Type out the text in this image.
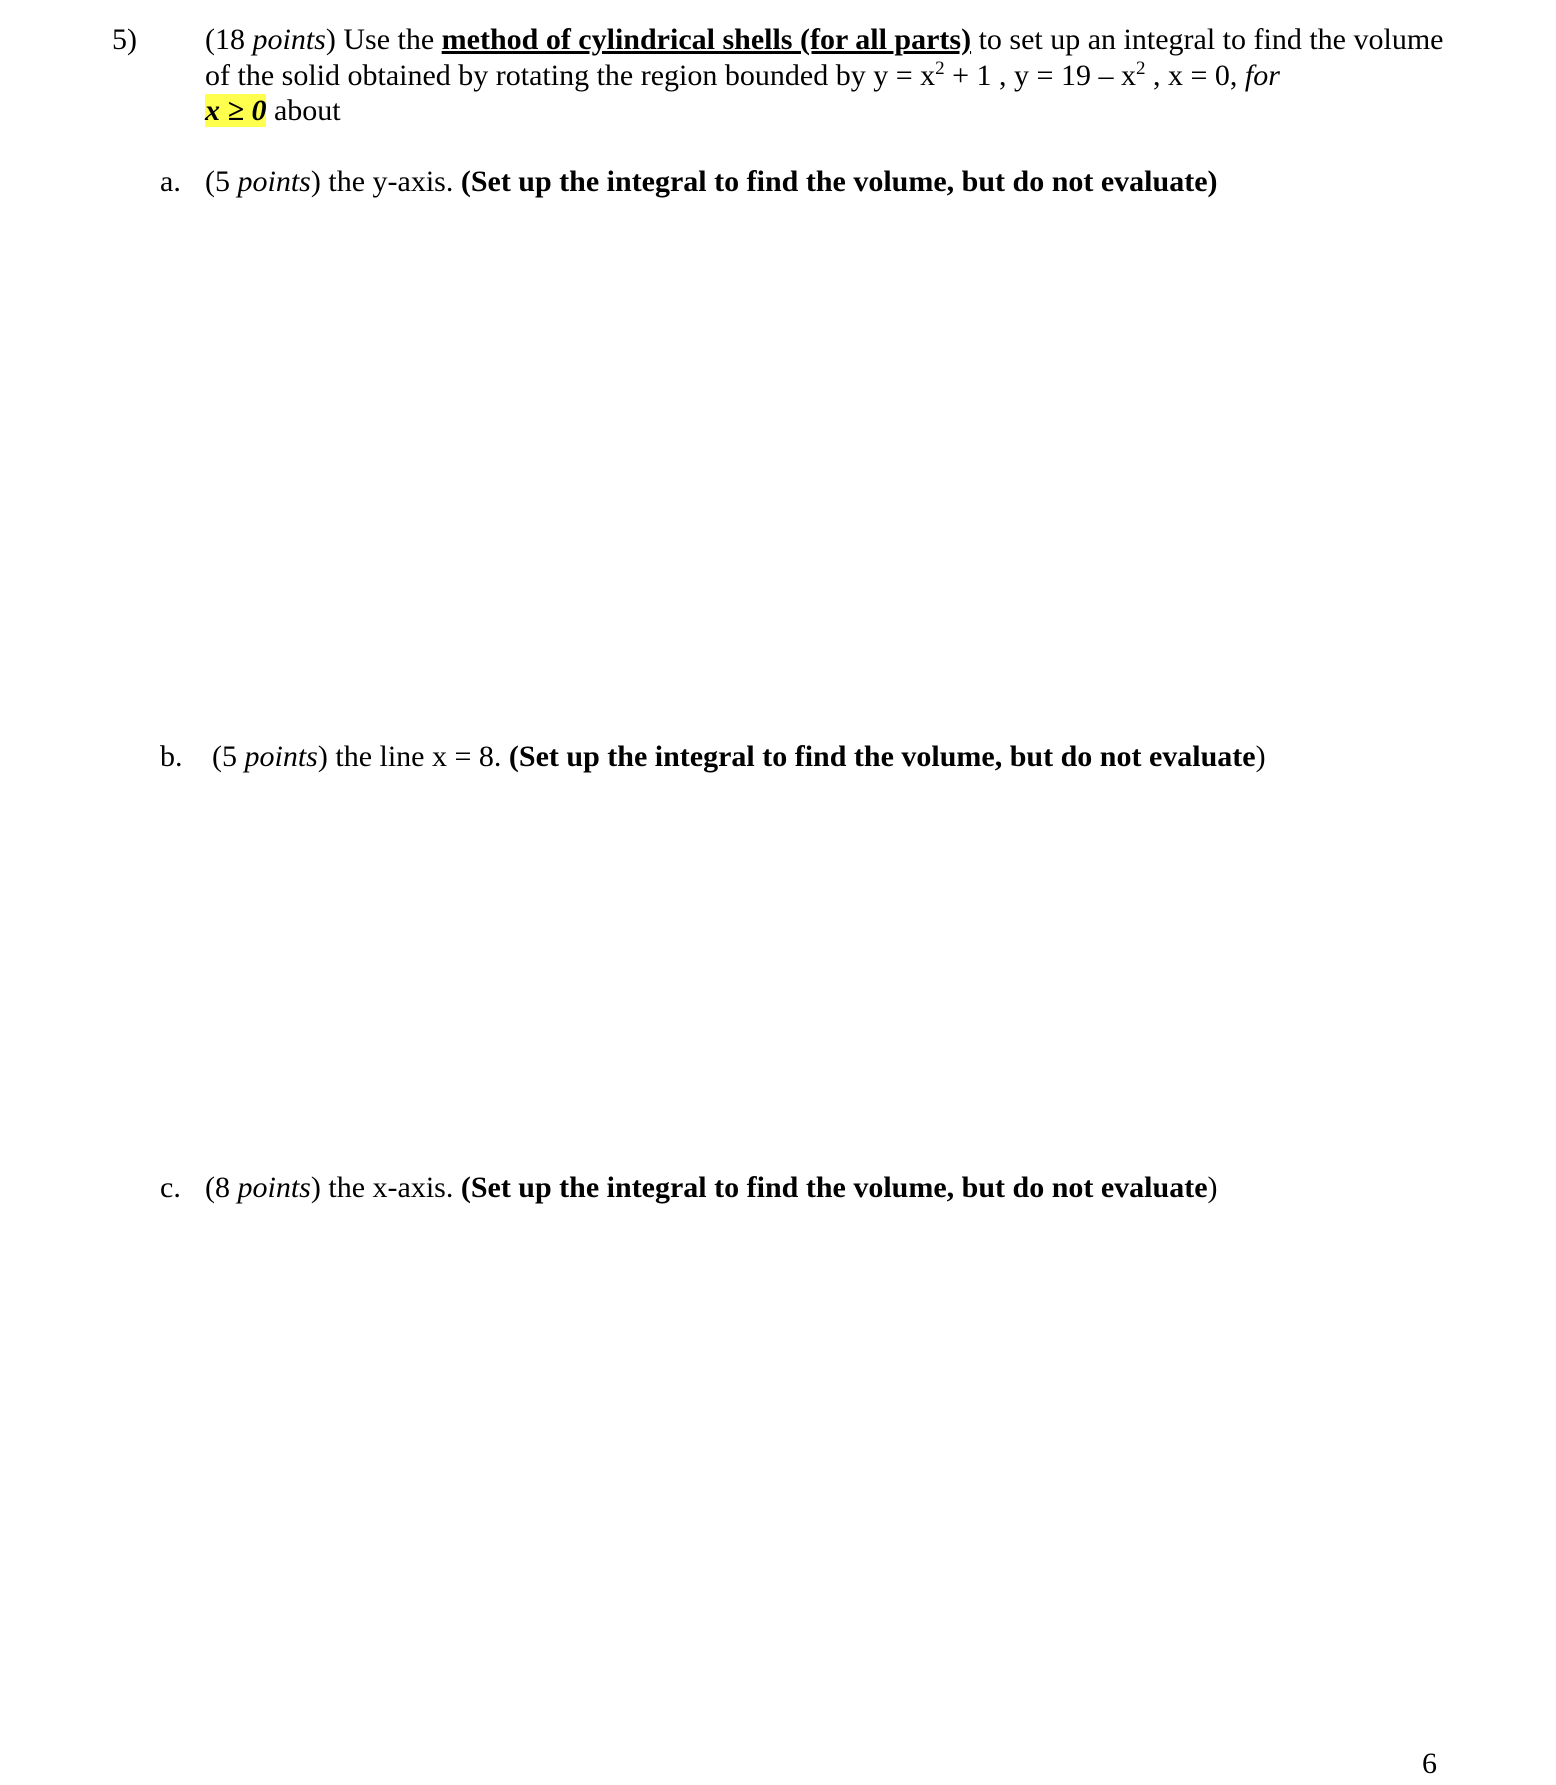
5) (18 points) Use the method of cylindrical shells (for all parts) to set up an integral to find the volume of the solid obtained by rotating the region bounded by $y = x^2 + 1$ , $y = 19 - x^2$ , x = 0, for
x ≥ 0 about
a. (5 points) the y-axis. (Set up the integral to find the volume, but do not evaluate)
b. (5 points) the line x = 8. (Set up the integral to find the volume, but do not evaluate)
c. (8 points) the x-axis. (Set up the integral to find the volume, but do not evaluate)
6
